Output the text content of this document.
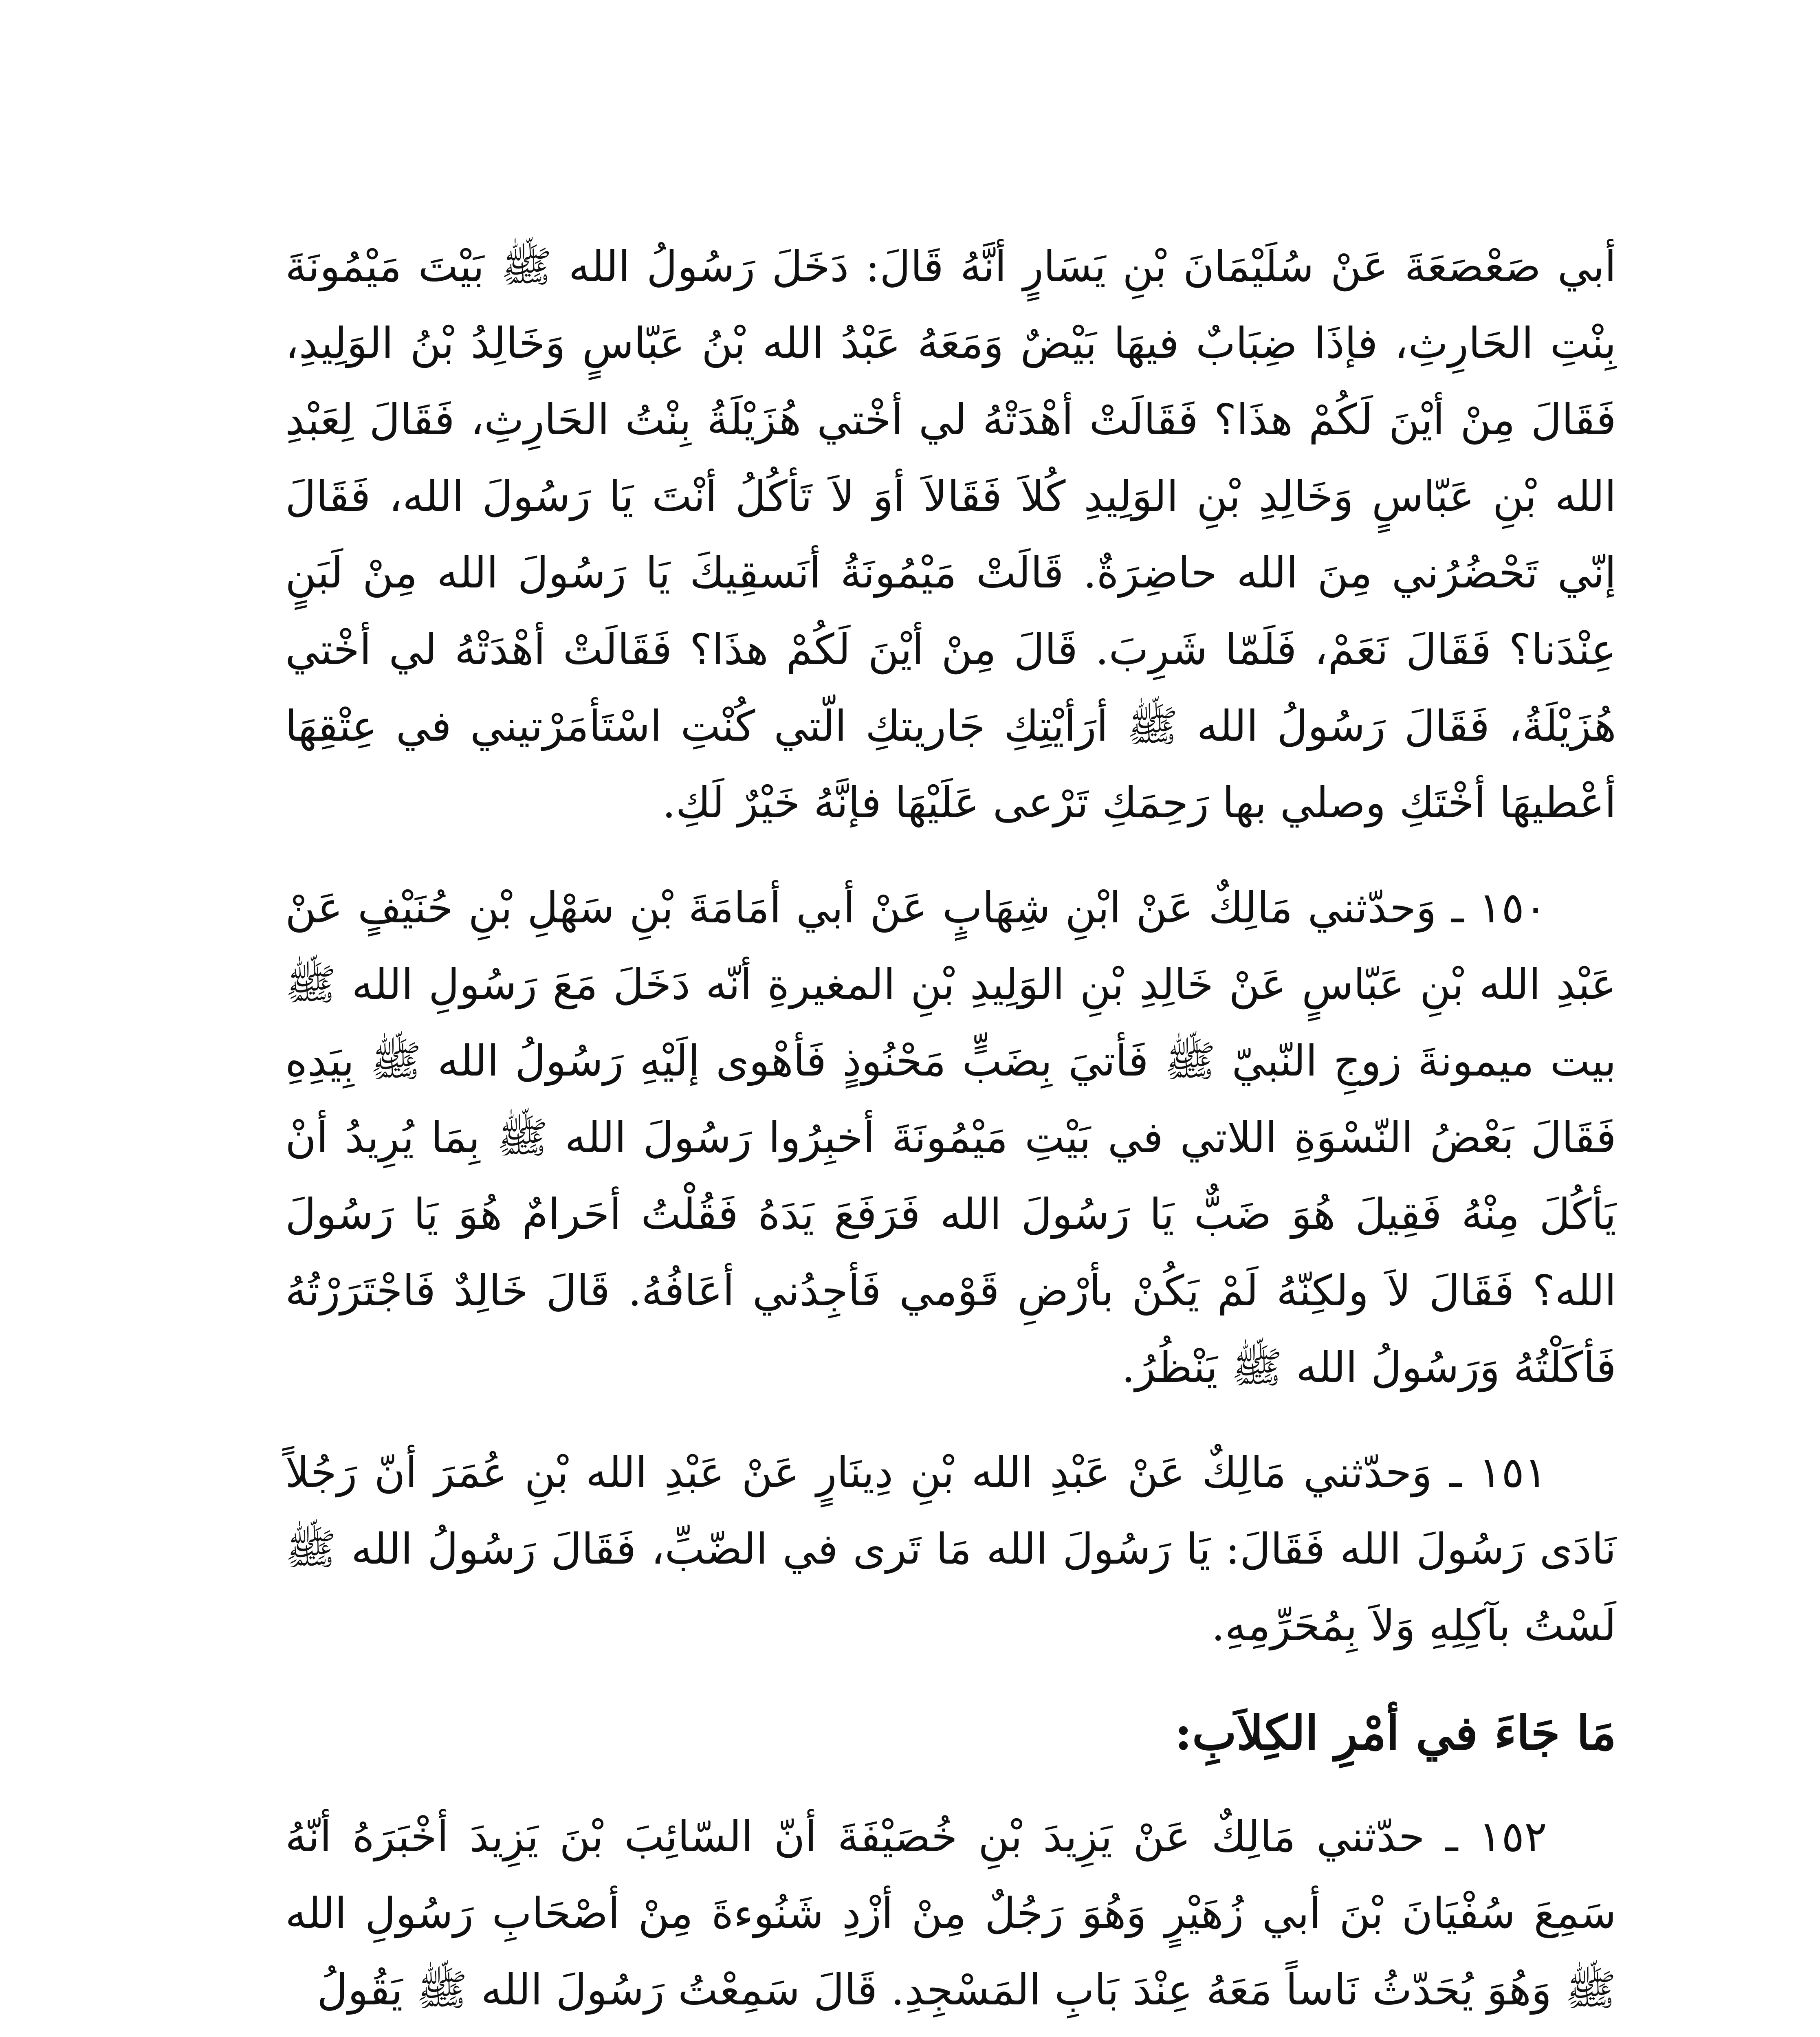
أبي صَعْصَعَةَ عَنْ سُلَيْمَانَ بْنِ يَسَارٍ أنَّهُ قَالَ: دَخَلَ رَسُولُ الله ﷺ بَيْتَ مَيْمُونَةَ بِنْتِ الحَارِثِ، فإذَا ضِبَابٌ فيهَا بَيْضٌ وَمَعَهُ عَبْدُ الله بْنُ عَبّاسٍ وَخَالِدُ بْنُ الوَلِيدِ، فَقَالَ مِنْ أيْنَ لَكُمْ هذَا؟ فَقَالَتْ أهْدَتْهُ لي أخْتي هُزَيْلَةُ بِنْتُ الحَارِثِ، فَقَالَ لِعَبْدِ الله بْنِ عَبّاسٍ وَخَالِدِ بْنِ الوَلِيدِ كُلاَ فَقَالاَ أوَ لاَ تَأكُلُ أنْتَ يَا رَسُولَ الله، فَقَالَ إنّي تَحْضُرُني مِنَ الله حاضِرَةٌ. قَالَتْ مَيْمُونَةُ أنَسقِيكَ يَا رَسُولَ الله مِنْ لَبَنٍ عِنْدَنا؟ فَقَالَ نَعَمْ، فَلَمّا شَرِبَ. قَالَ مِنْ أيْنَ لَكُمْ هذَا؟ فَقَالَتْ أهْدَتْهُ لي أخْتي هُزَيْلَةُ، فَقَالَ رَسُولُ الله ﷺ أرَأيْتِكِ جَاريتكِ الّتي كُنْتِ اسْتَأمَرْتيني في عِتْقِهَا أعْطيهَا أخْتَكِ وصلي بها رَحِمَكِ تَرْعى عَلَيْهَا فإنَّهُ خَيْرٌ لَكِ.

١٥٠ ـ وَحدّثني مَالِكٌ عَنْ ابْنِ شِهَابٍ عَنْ أبي أمَامَةَ بْنِ سَهْلِ بْنِ حُنَيْفٍ عَنْ عَبْدِ الله بْنِ عَبّاسٍ عَنْ خَالِدِ بْنِ الوَلِيدِ بْنِ المغيرةِ أنّه دَخَلَ مَعَ رَسُولِ الله ﷺ بيت ميمونةَ زوجِ النّبيّ ﷺ فَأتيَ بِضَبٍّ مَحْنُوذٍ فَأهْوى إلَيْهِ رَسُولُ الله ﷺ بِيَدِهِ فَقَالَ بَعْضُ النّسْوَةِ اللاتي في بَيْتِ مَيْمُونَةَ أخبِرُوا رَسُولَ الله ﷺ بِمَا يُرِيدُ أنْ يَأكُلَ مِنْهُ فَقِيلَ هُوَ ضَبٌّ يَا رَسُولَ الله فَرَفَعَ يَدَهُ فَقُلْتُ أحَرامٌ هُوَ يَا رَسُولَ الله؟ فَقَالَ لاَ ولكِنّهُ لَمْ يَكُنْ بأرْضِ قَوْمي فَأجِدُني أعَافُهُ. قَالَ خَالِدٌ فَاجْتَرَرْتُهُ فَأكَلْتُهُ وَرَسُولُ الله ﷺ يَنْظُرُ.

١٥١ ـ وَحدّثني مَالِكٌ عَنْ عَبْدِ الله بْنِ دِينَارٍ عَنْ عَبْدِ الله بْنِ عُمَرَ أنّ رَجُلاً نَادَى رَسُولَ الله فَقَالَ: يَا رَسُولَ الله مَا تَرى في الضّبِّ، فَقَالَ رَسُولُ الله ﷺ لَسْتُ بآكِلِهِ وَلاَ بِمُحَرِّمِهِ.

مَا جَاءَ في أمْرِ الكِلاَبِ:

١٥٢ ـ حدّثني مَالِكٌ عَنْ يَزِيدَ بْنِ خُصَيْفَةَ أنّ السّائِبَ بْنَ يَزِيدَ أخْبَرَهُ أنّهُ سَمِعَ سُفْيَانَ بْنَ أبي زُهَيْرٍ وَهُوَ رَجُلٌ مِنْ أزْدِ شَنُوءةَ مِنْ أصْحَابِ رَسُولِ الله ﷺ وَهُوَ يُحَدّثُ نَاساً مَعَهُ عِنْدَ بَابِ المَسْجِدِ. قَالَ سَمِعْتُ رَسُولَ الله ﷺ يَقُولُ
